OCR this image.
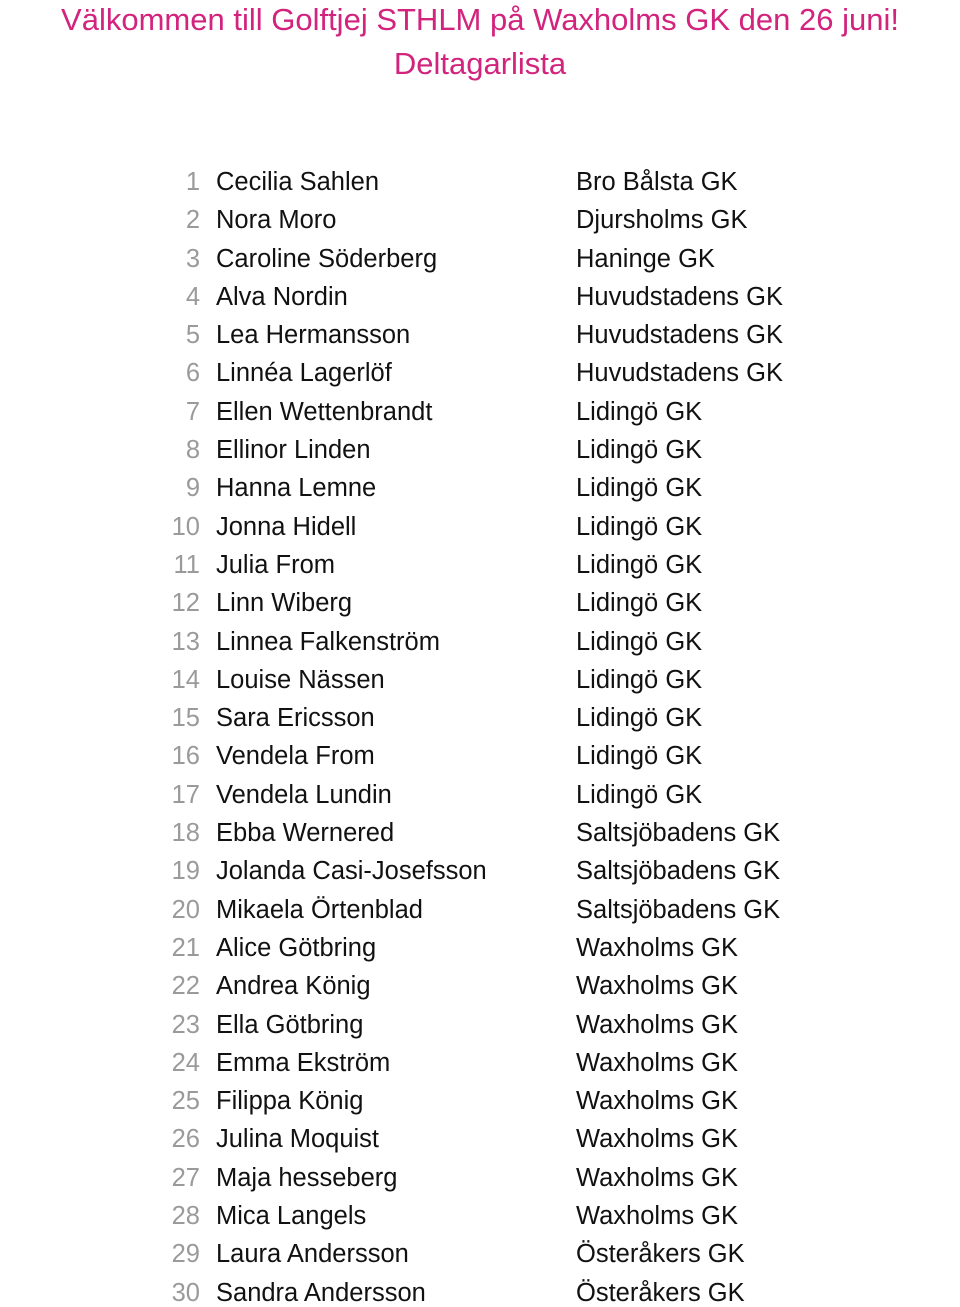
Välkommen till Golftjej STHLM på Waxholms GK den 26 juni!
Deltagarlista
1 Cecilia Sahlen	Bro Bålsta GK
2 Nora Moro	Djursholms GK
3 Caroline Söderberg	Haninge GK
4 Alva Nordin	Huvudstadens GK
5 Lea Hermansson	Huvudstadens GK
6 Linnéa Lagerlöf	Huvudstadens GK
7 Ellen Wettenbrandt	Lidingö GK
8 Ellinor Linden	Lidingö GK
9 Hanna Lemne	Lidingö GK
10 Jonna Hidell	Lidingö GK
11 Julia From	Lidingö GK
12 Linn Wiberg	Lidingö GK
13 Linnea Falkenström	Lidingö GK
14 Louise Nässen	Lidingö GK
15 Sara Ericsson	Lidingö GK
16 Vendela From	Lidingö GK
17 Vendela Lundin	Lidingö GK
18 Ebba Wernered	Saltsjöbadens GK
19 Jolanda Casi-Josefsson	Saltsjöbadens GK
20 Mikaela Örtenblad	Saltsjöbadens GK
21 Alice Götbring	Waxholms GK
22 Andrea König	Waxholms GK
23 Ella Götbring	Waxholms GK
24 Emma Ekström	Waxholms GK
25 Filippa König	Waxholms GK
26 Julina Moquist	Waxholms GK
27 Maja hesseberg	Waxholms GK
28 Mica Langels	Waxholms GK
29 Laura Andersson	Österåkers GK
30 Sandra Andersson	Österåkers GK
